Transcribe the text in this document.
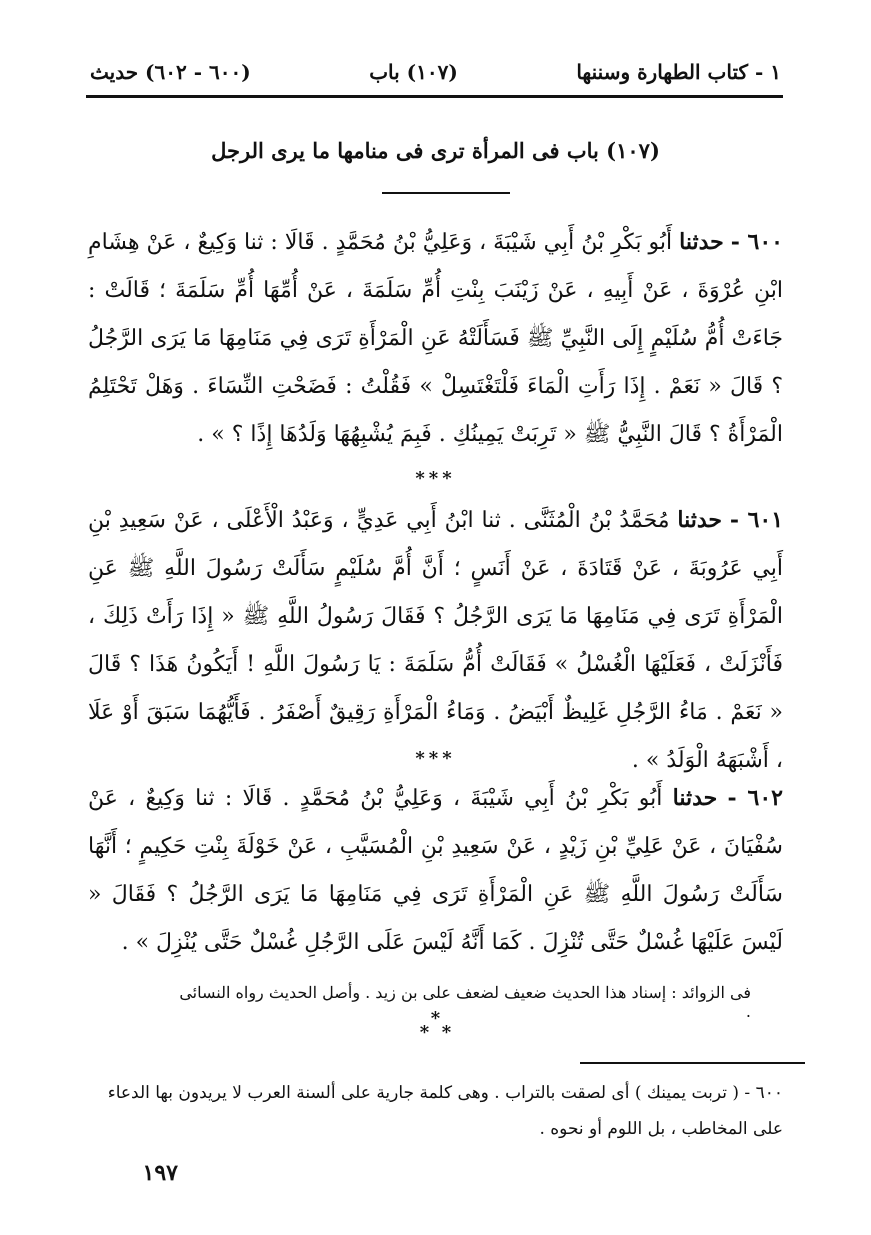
١ - كتاب الطهارة وسننها
(١٠٧) باب
(٦٠٠ - ٦٠٢) حديث
(١٠٧) باب فى المرأة ترى فى منامها ما يرى الرجل
٦٠٠ - حدثنا أَبُو بَكْرِ بْنُ أَبِي شَيْبَةَ ، وَعَلِيُّ بْنُ مُحَمَّدٍ . قَالَا : ثنا وَكِيعٌ ، عَنْ هِشَامِ ابْنِ عُرْوَةَ ، عَنْ أَبِيهِ ، عَنْ زَيْنَبَ بِنْتِ أُمِّ سَلَمَةَ ، عَنْ أُمِّهَا أُمِّ سَلَمَةَ ؛ قَالَتْ : جَاءَتْ أُمُّ سُلَيْمٍ إِلَى النَّبِيِّ ﷺ فَسَأَلَتْهُ عَنِ الْمَرْأَةِ تَرَى فِي مَنَامِهَا مَا يَرَى الرَّجُلُ ؟ قَالَ « نَعَمْ . إِذَا رَأَتِ الْمَاءَ فَلْتَغْتَسِلْ » فَقُلْتُ : فَضَحْتِ النِّسَاءَ . وَهَلْ تَحْتَلِمُ الْمَرْأَةُ ؟ قَالَ النَّبِيُّ ﷺ « تَرِبَتْ يَمِينُكِ . فَبِمَ يُشْبِهُهَا وَلَدُهَا إِذًا ؟ » .
***
٦٠١ - حدثنا مُحَمَّدُ بْنُ الْمُثَنَّى . ثنا ابْنُ أَبِي عَدِيٍّ ، وَعَبْدُ الْأَعْلَى ، عَنْ سَعِيدِ بْنِ أَبِي عَرُوبَةَ ، عَنْ قَتَادَةَ ، عَنْ أَنَسٍ ؛ أَنَّ أُمَّ سُلَيْمٍ سَأَلَتْ رَسُولَ اللَّهِ ﷺ عَنِ الْمَرْأَةِ تَرَى فِي مَنَامِهَا مَا يَرَى الرَّجُلُ ؟ فَقَالَ رَسُولُ اللَّهِ ﷺ « إِذَا رَأَتْ ذَلِكَ ، فَأَنْزَلَتْ ، فَعَلَيْهَا الْغُسْلُ » فَقَالَتْ أُمُّ سَلَمَةَ : يَا رَسُولَ اللَّهِ ! أَيَكُونُ هَذَا ؟ قَالَ « نَعَمْ . مَاءُ الرَّجُلِ غَلِيظٌ أَبْيَضُ . وَمَاءُ الْمَرْأَةِ رَقِيقٌ أَصْفَرُ . فَأَيُّهُمَا سَبَقَ أَوْ عَلَا ، أَشْبَهَهُ الْوَلَدُ » .
***
٦٠٢ - حدثنا أَبُو بَكْرِ بْنُ أَبِي شَيْبَةَ ، وَعَلِيُّ بْنُ مُحَمَّدٍ . قَالَا : ثنا وَكِيعٌ ، عَنْ سُفْيَانَ ، عَنْ عَلِيِّ بْنِ زَيْدٍ ، عَنْ سَعِيدِ بْنِ الْمُسَيَّبِ ، عَنْ خَوْلَةَ بِنْتِ حَكِيمٍ ؛ أَنَّهَا سَأَلَتْ رَسُولَ اللَّهِ ﷺ عَنِ الْمَرْأَةِ تَرَى فِي مَنَامِهَا مَا يَرَى الرَّجُلُ ؟ فَقَالَ « لَيْسَ عَلَيْهَا غُسْلٌ حَتَّى تُنْزِلَ . كَمَا أَنَّهُ لَيْسَ عَلَى الرَّجُلِ غُسْلٌ حَتَّى يُنْزِلَ » .
فى الزوائد : إسناد هذا الحديث ضعيف لضعف على بن زيد . وأصل الحديث رواه النسائى .
*
* *
٦٠٠ - ( تربت يمينك ) أى لصقت بالتراب . وهى كلمة جارية على ألسنة العرب لا يريدون بها الدعاء على المخاطب ، بل اللوم أو نحوه .
١٩٧
